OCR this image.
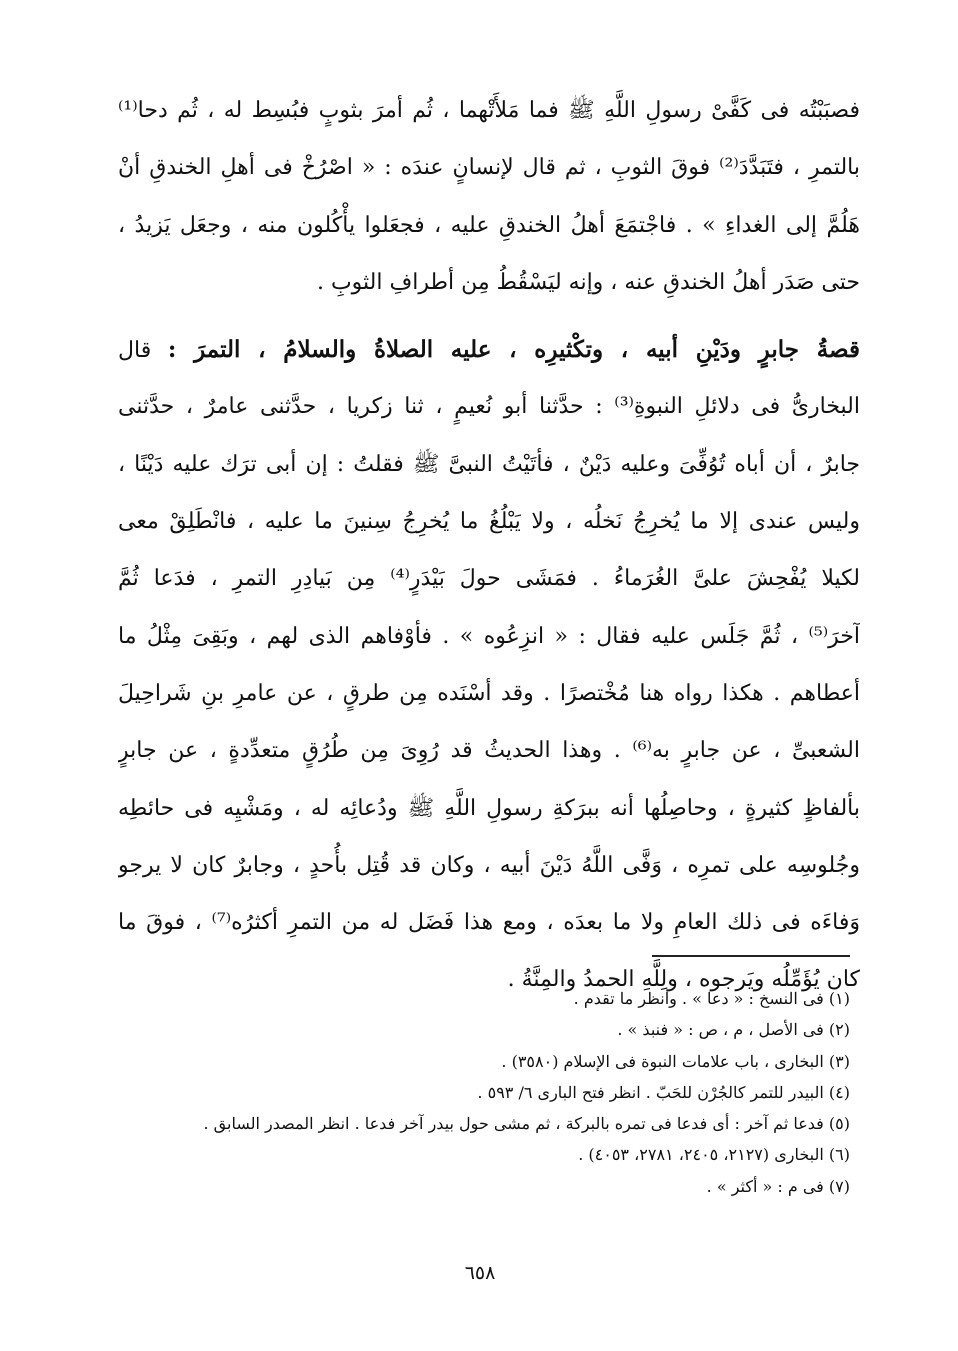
فصبَبْتُه فى كَفَّىْ رسولِ اللَّهِ ﷺ فما مَلأَتْهما ، ثُم أمرَ بثوبٍ فبُسِط له ، ثُم دحا⁽¹⁾
بالتمرِ ، فتَبَدَّدَ⁽²⁾ فوقَ الثوبِ ، ثم قال لإنسانٍ عندَه : « اصْرُخْ فى أهلِ الخندقِ أنْ
هَلُمَّ إلى الغداءِ » . فاجْتمَعَ أهلُ الخندقِ عليه ، فجعَلوا يأْكُلون منه ، وجعَل يَزيدُ ،
حتى صَدَر أهلُ الخندقِ عنه ، وإنه ليَسْقُطُ مِن أطرافِ الثوبِ .
قصةُ جابرٍ ودَيْنِ أبيه ، وتكْثيرِه ، عليه الصلاةُ والسلامُ ، التمرَ : قال
البخارىُّ فى دلائلِ النبوةِ⁽³⁾ : حدَّثنا أبو نُعيمٍ ، ثنا زكريا ، حدَّثنى عامرٌ ، حدَّثنى
جابرٌ ، أن أباه تُوُفِّىَ وعليه دَيْنٌ ، فأتَيْتُ النبىَّ ﷺ فقلتُ : إن أبى ترَك عليه دَيْنًا ،
وليس عندى إلا ما يُخرِجُ نَخلُه ، ولا يَبْلُغُ ما يُخرِجُ سِنينَ ما عليه ، فانْطَلِقْ معى
لكيلا يُفْحِشَ علىَّ الغُرَماءُ . فمَشَى حولَ بَيْدَرٍ⁽⁴⁾ مِن بَيادِرِ التمرِ ، فدَعا ثُمَّ
آخرَ⁽⁵⁾ ، ثُمَّ جَلَس عليه فقال : « انزِعُوه » . فأوْفاهم الذى لهم ، وبَقِىَ مِثْلُ ما
أعطاهم . هكذا رواه هنا مُخْتصرًا . وقد أسْنَده مِن طرقٍ ، عن عامرِ بنِ شَراحِيلَ
الشعبىِّ ، عن جابرٍ به⁽⁶⁾ . وهذا الحديثُ قد رُوِىَ مِن طُرُقٍ متعدِّدةٍ ، عن جابرٍ
بألفاظٍ كثيرةٍ ، وحاصِلُها أنه ببرَكةِ رسولِ اللَّهِ ﷺ ودُعائِه له ، ومَشْيِه فى حائطِه
وجُلوسِه على تمرِه ، وَفَّى اللَّهُ دَيْنَ أبيه ، وكان قد قُتِل بأُحدٍ ، وجابرٌ كان لا يرجو
وَفاءَه فى ذلك العامِ ولا ما بعدَه ، ومع هذا فَضَل له من التمرِ أكثرُه⁽⁷⁾ ، فوقَ ما
كان يُؤَمِّلُه ويَرجوه ، ولِلَّهِ الحمدُ والمِنَّةُ .
(١) فى النسخ : « دعا » . وانظر ما تقدم .
(٢) فى الأصل ، م ، ص : « فنبذ » .
(٣) البخارى ، باب علامات النبوة فى الإسلام (٣٥٨٠) .
(٤) البيدر للتمر كالجُرْن للحَبّ . انظر فتح البارى ٦/ ٥٩٣ .
(٥) فدعا ثم آخر : أى فدعا فى تمره بالبركة ، ثم مشى حول بيدر آخر فدعا . انظر المصدر السابق .
(٦) البخارى (٢١٢٧، ٢٤٠٥، ٢٧٨١، ٤٠٥٣) .
(٧) فى م : « أكثر » .
٦٥٨
